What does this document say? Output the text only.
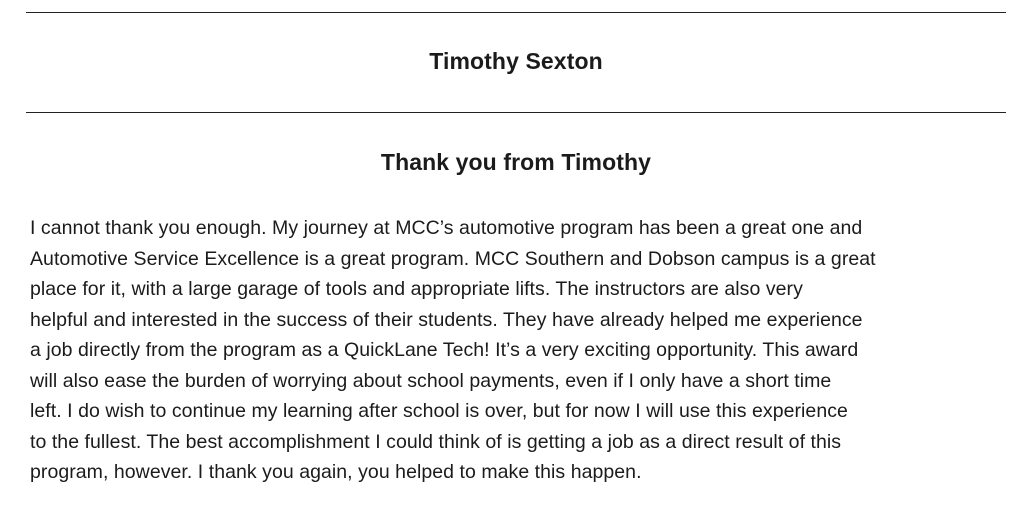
Timothy Sexton
Thank you from Timothy
I cannot thank you enough. My journey at MCC’s automotive program has been a great one and
Automotive Service Excellence is a great program. MCC Southern and Dobson campus is a great
place for it, with a large garage of tools and appropriate lifts. The instructors are also very
helpful and interested in the success of their students. They have already helped me experience
a job directly from the program as a QuickLane Tech! It’s a very exciting opportunity. This award
will also ease the burden of worrying about school payments, even if I only have a short time
left. I do wish to continue my learning after school is over, but for now I will use this experience
to the fullest. The best accomplishment I could think of is getting a job as a direct result of this
program, however. I thank you again, you helped to make this happen.
